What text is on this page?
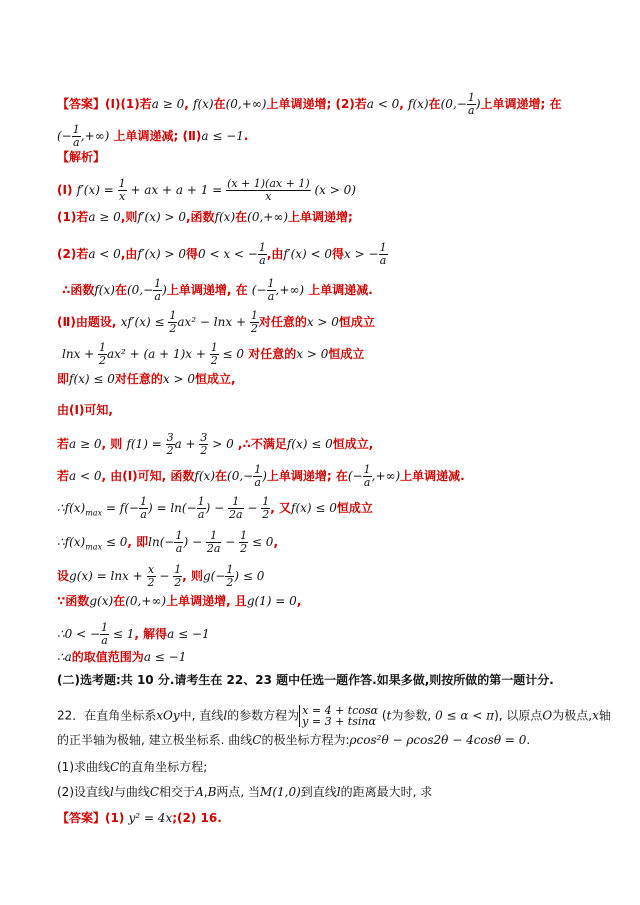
【答案】(Ⅰ)(1)若a ≥ 0, f(x)在(0,+∞)上单调递增; (2)若a < 0, f(x)在($0,- \frac{1}{a}$ )上单调递增; 在
(− $\frac{1}{a}$ ,+∞) 上单调递减; (Ⅱ)a ≤ −1.
【解析】
(Ⅰ) $f'(x) = \frac{1}{x}$ + ax + $a + 1 = \frac{(x + 1)(ax + 1)}{x} (x > 0)$
(1)若a ≥ 0,则f′(x) > 0,函数f(x)在(0,+∞)上单调递增;
(2)若a < 0,由f′(x) > 0得0 < x < − $\frac{1}{a}$ ,由f′(x) < 0得x > − $\frac{1}{a}$
∴函数f(x)在($0,- \frac{1}{a}$ )上单调递增, 在 (− $\frac{1}{a}$ ,+∞) 上单调递减.
(Ⅱ)由题设, $xf'(x) \le \frac{1}{2} ax^2 - \ln x + \frac{1}{2}$ 对任意的x > 0恒成立
$\ln x + \frac{1}{2} ax^2 + (a + 1)x + \frac{1}{2} \le 0$ 对任意的x > 0恒成立
即f(x) ≤ 0对任意的x > 0恒成立,
由(Ⅰ)可知,
若a ≥ 0, 则 $f(1) = \frac{3}{2}$ $a + \frac{3}{2} > 0$ ,∴不满足f(x) ≤ 0恒成立,
若a < 0, 由(Ⅰ)可知, 函数f(x)在($0,- \frac{1}{a}$ )上单调递增; 在(− $\frac{1}{a}$ ,+∞)上单调递减.
$\therefore f(x)_{max} = f(- \frac{1}{a}$ ) = $\ln(- \frac{1}{a}$ ) − $\frac{1}{2a} - \frac{1}{2}$ , 又f(x) ≤ 0恒成立
$\therefore f(x)_{max} \le 0$, 即$\ln(- \frac{1}{a}$ ) − $\frac{1}{2a} - \frac{1}{2} \le 0$,
设$g(x) = \ln x + \frac{x}{2} - \frac{1}{2}$ , 则$g(- \frac{1}{2}$ ) ≤ 0
∵函数g(x)在(0,+∞)上单调递增, 且g(1) = 0,
∴0 < − $\frac{1}{a} \le 1$, 解得a ≤ −1
∴a的取值范围为a ≤ −1
(二)选考题:共 10 分.请考生在 22、23 题中任选一题作答.如果多做,则按所做的第一题计分.
22．在直角坐标系xOy中, 直线l的参数方程为 x = 4 + tcosα
y = 3 + tsinα (t为参数, 0 ≤ α < π), 以原点O为极点,x轴
的正半轴为极轴, 建立极坐标系. 曲线C的极坐标方程为:ρcos²θ − ρcos2θ − 4cosθ = 0.
(1)求曲线C的直角坐标方程;
(2)设直线l与曲线C相交于A,B两点, 当M(1,0)到直线l的距离最大时, 求
【答案】(1) y² = 4x;(2) 16.
